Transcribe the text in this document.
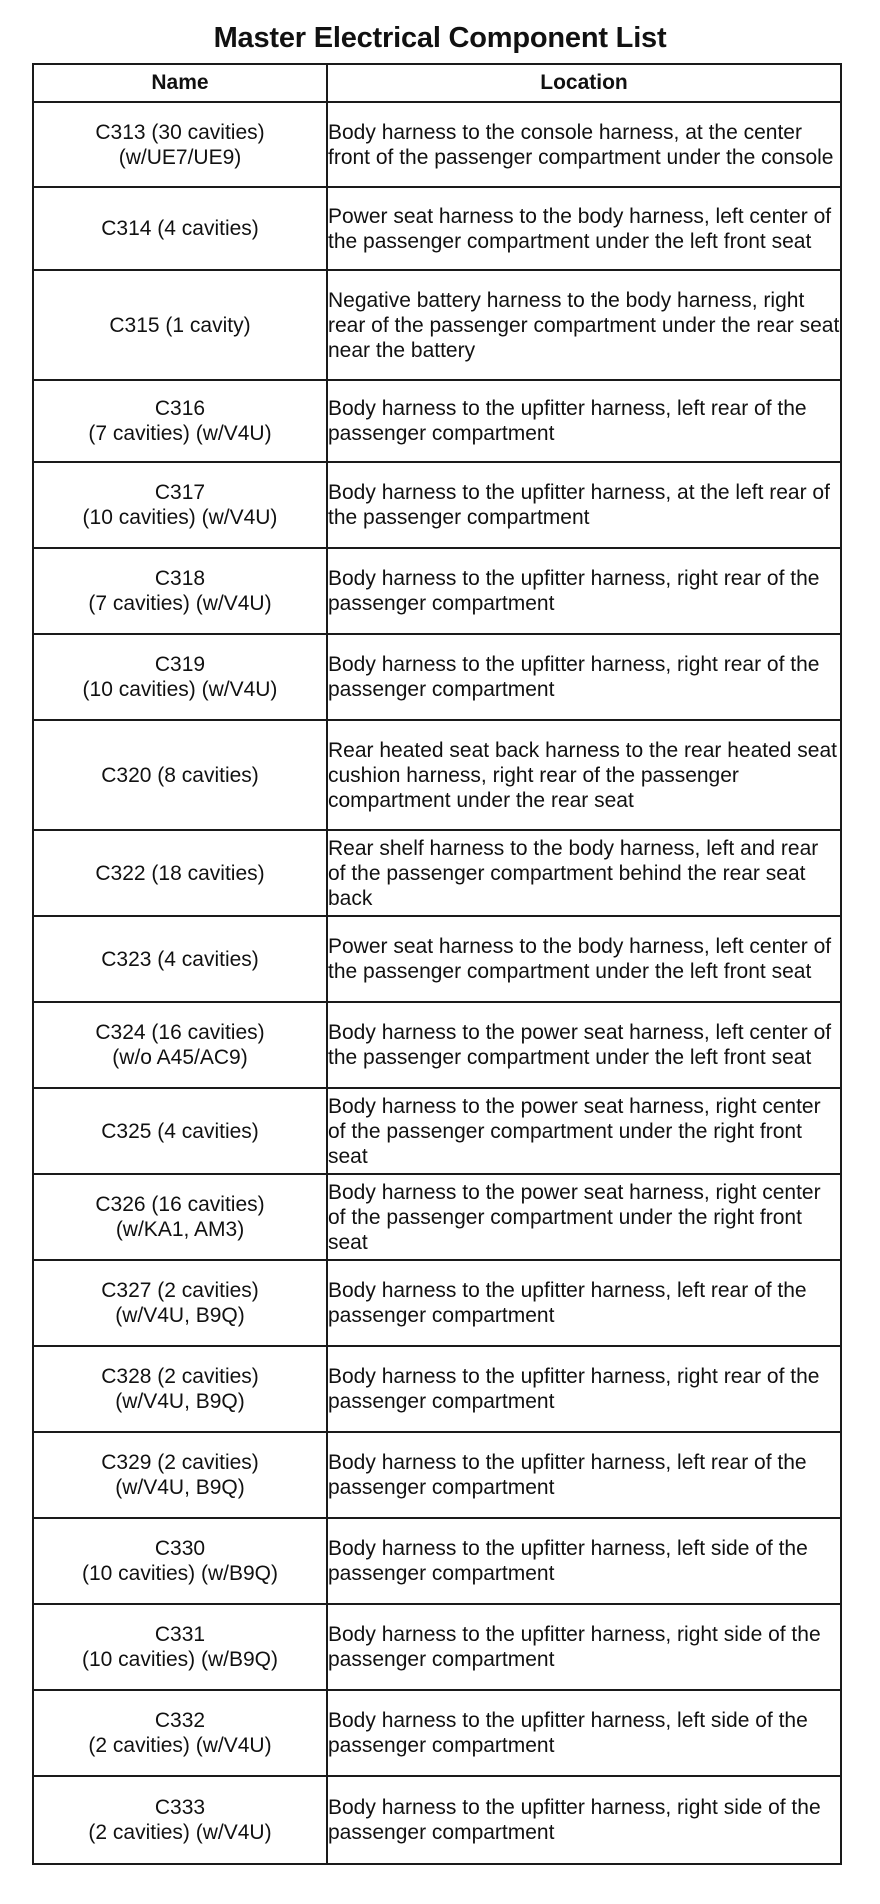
Master Electrical Component List
Name	Location
C313 (30 cavities)
(w/UE7/UE9)	Body harness to the console harness, at the center front of the passenger compartment under the console
C314 (4 cavities)	Power seat harness to the body harness, left center of the passenger compartment under the left front seat
C315 (1 cavity)	Negative battery harness to the body harness, right rear of the passenger compartment under the rear seat near the battery
C316
(7 cavities) (w/V4U)	Body harness to the upfitter harness, left rear of the passenger compartment
C317
(10 cavities) (w/V4U)	Body harness to the upfitter harness, at the left rear of the passenger compartment
C318
(7 cavities) (w/V4U)	Body harness to the upfitter harness, right rear of the passenger compartment
C319
(10 cavities) (w/V4U)	Body harness to the upfitter harness, right rear of the passenger compartment
C320 (8 cavities)	Rear heated seat back harness to the rear heated seat cushion harness, right rear of the passenger compartment under the rear seat
C322 (18 cavities)	Rear shelf harness to the body harness, left and rear of the passenger compartment behind the rear seat back
C323 (4 cavities)	Power seat harness to the body harness, left center of the passenger compartment under the left front seat
C324 (16 cavities)
(w/o A45/AC9)	Body harness to the power seat harness, left center of the passenger compartment under the left front seat
C325 (4 cavities)	Body harness to the power seat harness, right center of the passenger compartment under the right front seat
C326 (16 cavities)
(w/KA1, AM3)	Body harness to the power seat harness, right center of the passenger compartment under the right front seat
C327 (2 cavities)
(w/V4U, B9Q)	Body harness to the upfitter harness, left rear of the passenger compartment
C328 (2 cavities)
(w/V4U, B9Q)	Body harness to the upfitter harness, right rear of the passenger compartment
C329 (2 cavities)
(w/V4U, B9Q)	Body harness to the upfitter harness, left rear of the passenger compartment
C330
(10 cavities) (w/B9Q)	Body harness to the upfitter harness, left side of the passenger compartment
C331
(10 cavities) (w/B9Q)	Body harness to the upfitter harness, right side of the passenger compartment
C332
(2 cavities) (w/V4U)	Body harness to the upfitter harness, left side of the passenger compartment
C333
(2 cavities) (w/V4U)	Body harness to the upfitter harness, right side of the passenger compartment
